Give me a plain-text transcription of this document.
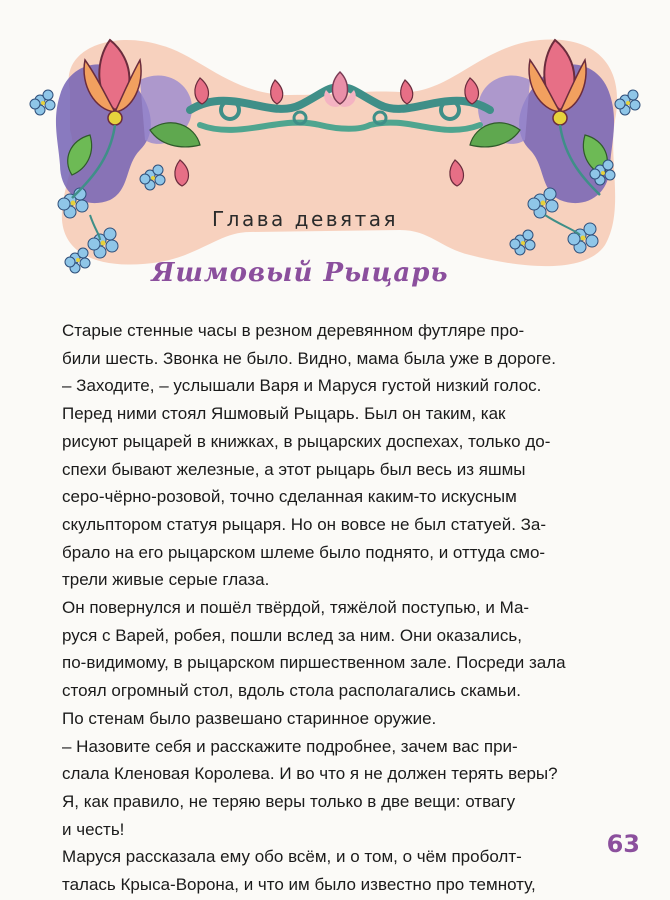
Глава девятая
Яшмовый Рыцарь

Старые стенные часы в резном деревянном футляре про-

били шесть. Звонка не было. Видно, мама была уже в дороге.

– Заходите, – услышали Варя и Маруся густой низкий голос.

Перед ними стоял Яшмовый Рыцарь. Был он таким, как

рисуют рыцарей в книжках, в рыцарских доспехах, только до-

спехи бывают железные, а этот рыцарь был весь из яшмы

серо-чёрно-розовой, точно сделанная каким-то искусным

скульптором статуя рыцаря. Но он вовсе не был статуей. За-

брало на его рыцарском шлеме было поднято, и оттуда смо-

трели живые серые глаза.

Он повернулся и пошёл твёрдой, тяжёлой поступью, и Ма-

руся с Варей, робея, пошли вслед за ним. Они оказались,

по-видимому, в рыцарском пиршественном зале. Посреди зала

стоял огромный стол, вдоль стола располагались скамьи.

По стенам было развешано старинное оружие.

– Назовите себя и расскажите подробнее, зачем вас при-

слала Кленовая Королева. И во что я не должен терять веры?

Я, как правило, не теряю веры только в две вещи: отвагу

и честь!

Маруся рассказала ему обо всём, и о том, о чём проболт-

талась Крыса-Ворона, и что им было известно про темноту,

63
